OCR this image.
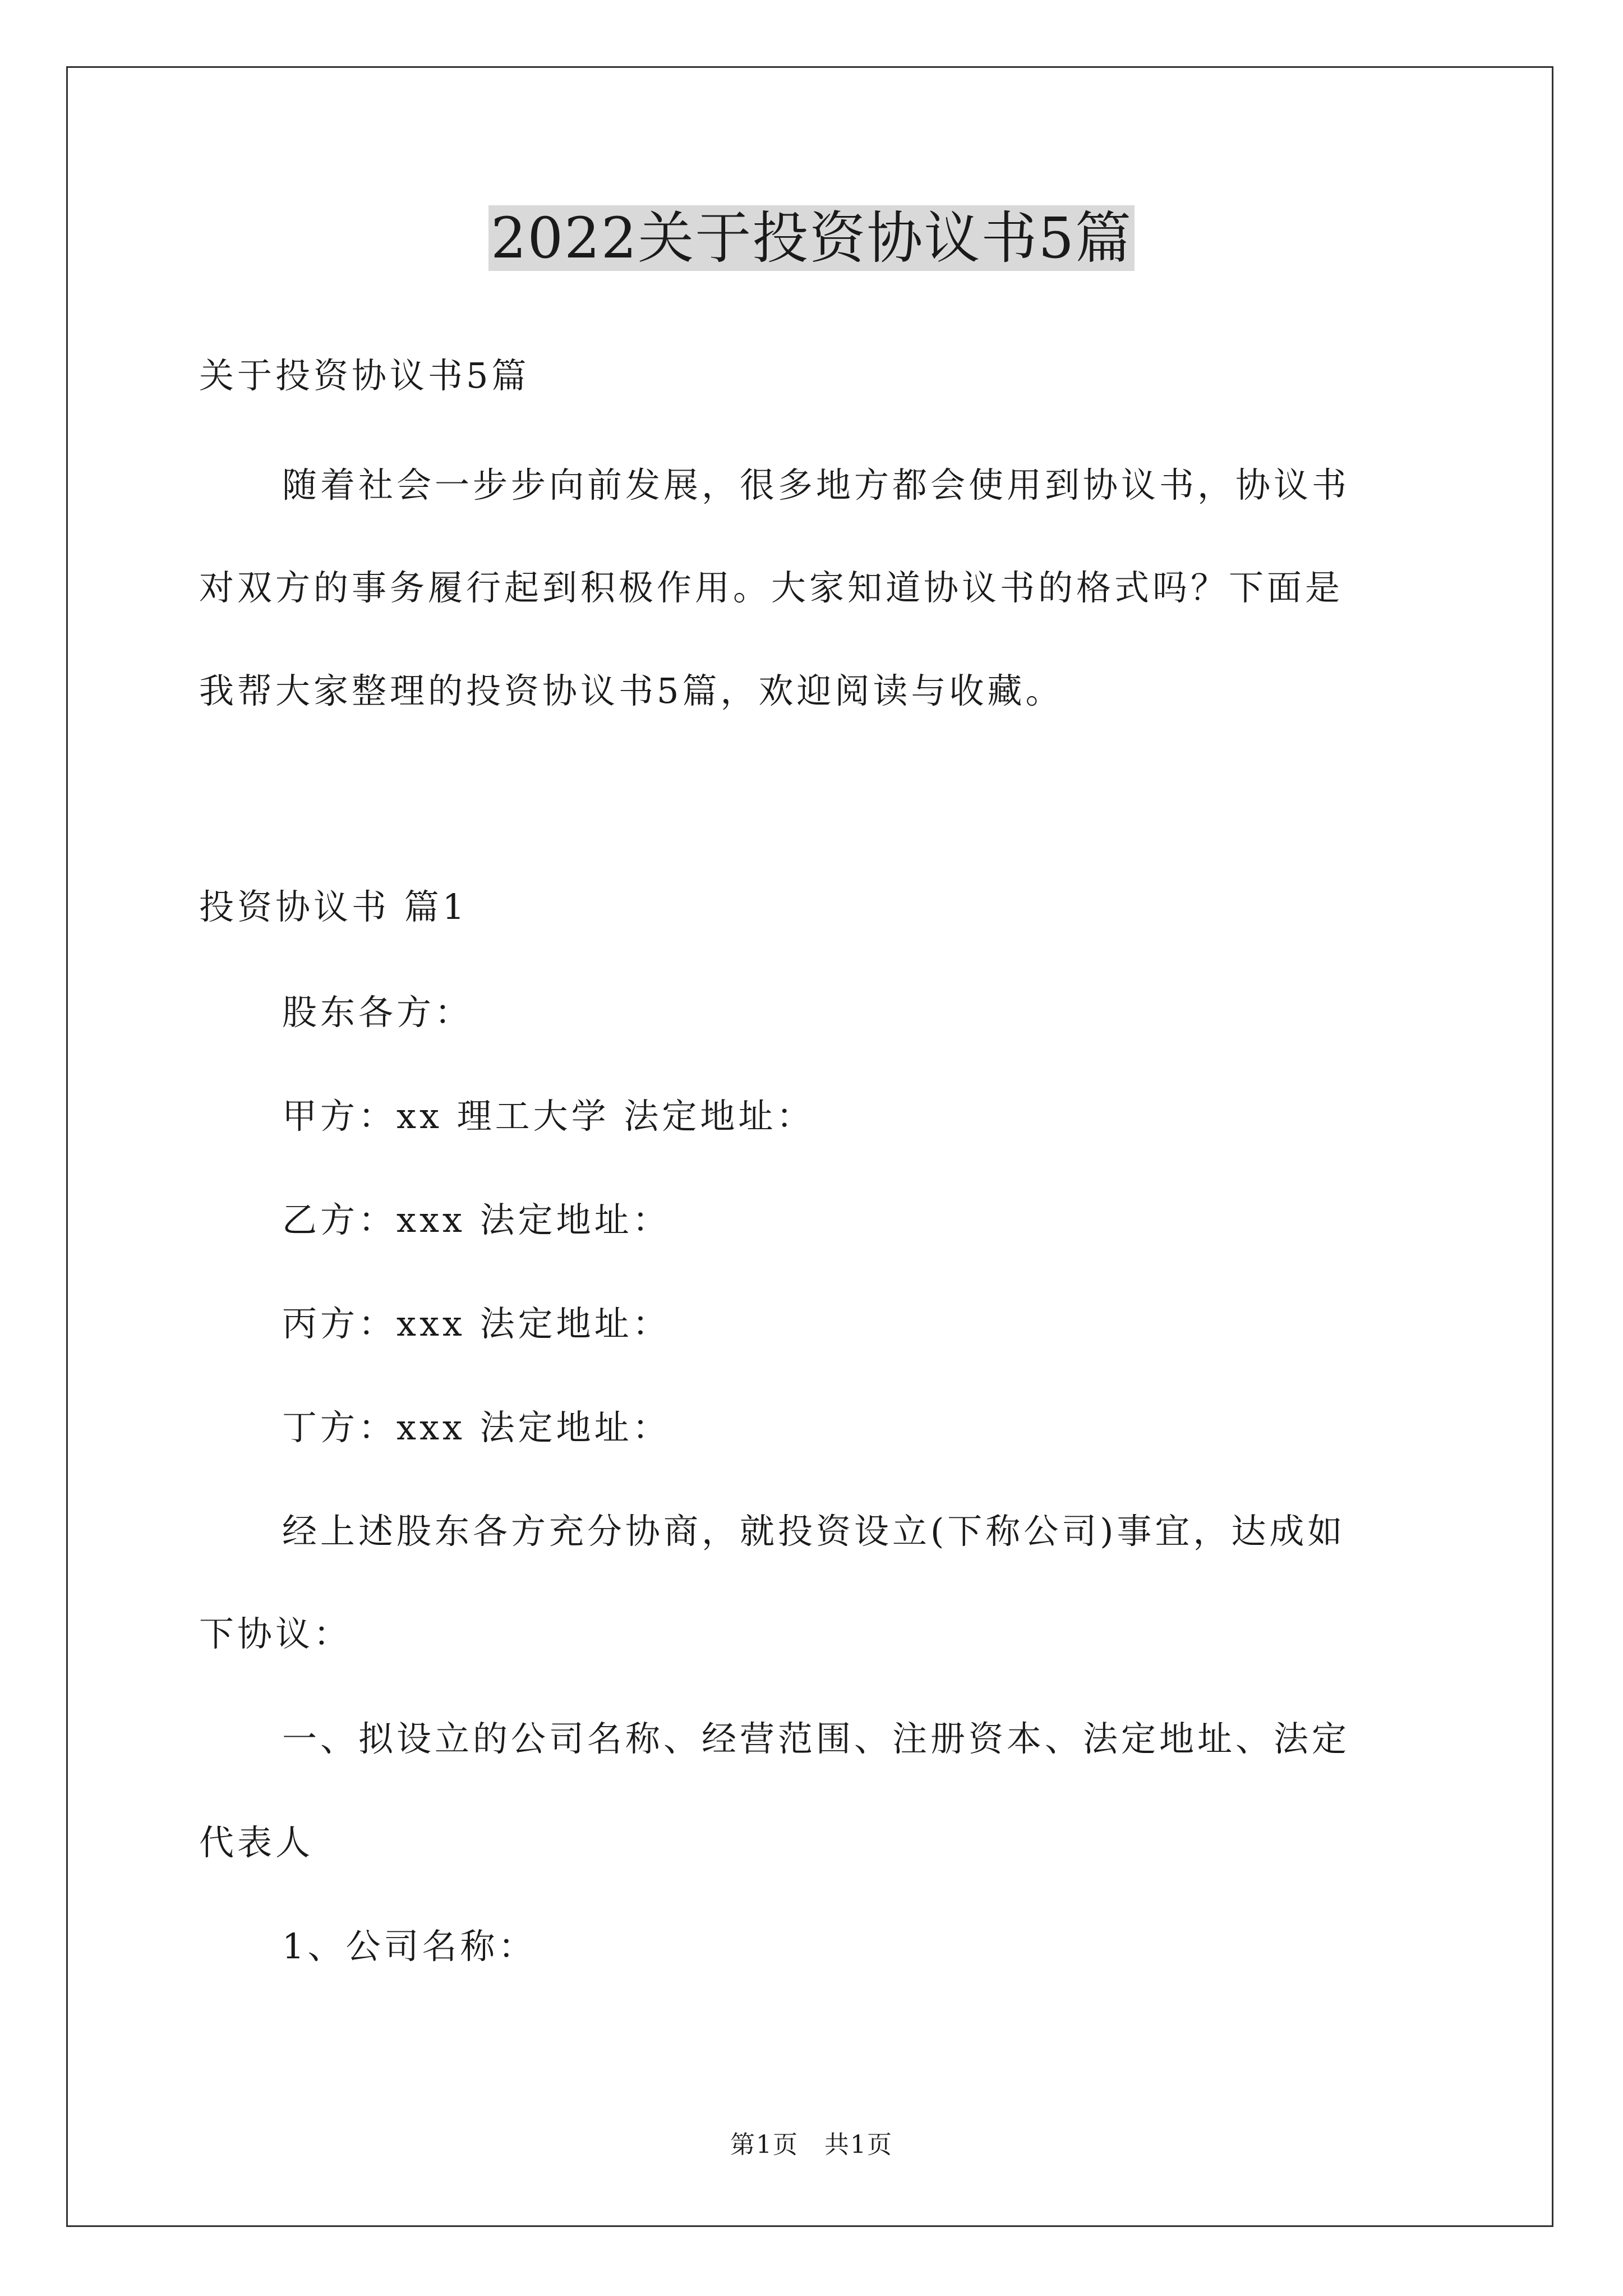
2022关于投资协议书5篇
关于投资协议书5篇
随着社会一步步向前发展，很多地方都会使用到协议书，协议书
对双方的事务履行起到积极作用。大家知道协议书的格式吗？下面是
我帮大家整理的投资协议书5篇，欢迎阅读与收藏。
投资协议书 篇1
股东各方：
甲方：xx 理工大学 法定地址：
乙方：xxx 法定地址：
丙方：xxx 法定地址：
丁方：xxx 法定地址：
经上述股东各方充分协商，就投资设立(下称公司)事宜，达成如
下协议：
一、拟设立的公司名称、经营范围、注册资本、法定地址、法定
代表人
1、公司名称：
第1页　共1页
